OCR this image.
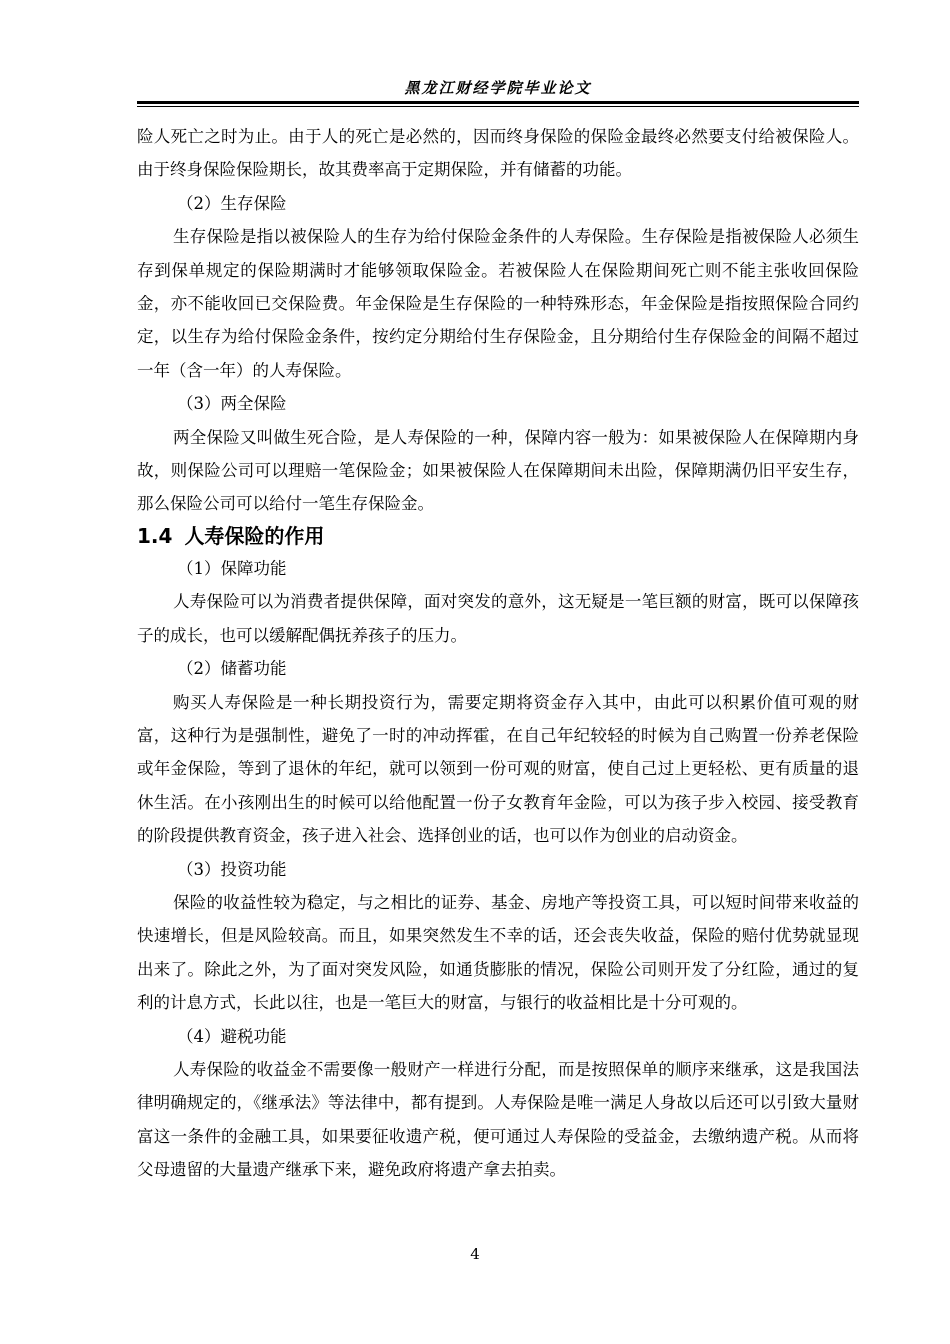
黑龙江财经学院毕业论文

险人死亡之时为止。由于人的死亡是必然的，因而终身保险的保险金最终必然要支付给被保险人。由于终身保险保险期长，故其费率高于定期保险，并有储蓄的功能。

（2）生存保险

生存保险是指以被保险人的生存为给付保险金条件的人寿保险。生存保险是指被保险人必须生存到保单规定的保险期满时才能够领取保险金。若被保险人在保险期间死亡则不能主张收回保险金，亦不能收回已交保险费。年金保险是生存保险的一种特殊形态，年金保险是指按照保险合同约定，以生存为给付保险金条件，按约定分期给付生存保险金，且分期给付生存保险金的间隔不超过一年（含一年）的人寿保险。

（3）两全保险

两全保险又叫做生死合险，是人寿保险的一种，保障内容一般为：如果被保险人在保障期内身故，则保险公司可以理赔一笔保险金；如果被保险人在保障期间未出险，保障期满仍旧平安生存，那么保险公司可以给付一笔生存保险金。

1.4 人寿保险的作用

（1）保障功能

人寿保险可以为消费者提供保障，面对突发的意外，这无疑是一笔巨额的财富，既可以保障孩子的成长，也可以缓解配偶抚养孩子的压力。

（2）储蓄功能

购买人寿保险是一种长期投资行为，需要定期将资金存入其中，由此可以积累价值可观的财富，这种行为是强制性，避免了一时的冲动挥霍，在自己年纪较轻的时候为自己购置一份养老保险或年金保险，等到了退休的年纪，就可以领到一份可观的财富，使自己过上更轻松、更有质量的退休生活。在小孩刚出生的时候可以给他配置一份子女教育年金险，可以为孩子步入校园、接受教育的阶段提供教育资金，孩子进入社会、选择创业的话，也可以作为创业的启动资金。

（3）投资功能

保险的收益性较为稳定，与之相比的证券、基金、房地产等投资工具，可以短时间带来收益的快速增长，但是风险较高。而且，如果突然发生不幸的话，还会丧失收益，保险的赔付优势就显现出来了。除此之外，为了面对突发风险，如通货膨胀的情况，保险公司则开发了分红险，通过的复利的计息方式，长此以往，也是一笔巨大的财富，与银行的收益相比是十分可观的。

（4）避税功能

人寿保险的收益金不需要像一般财产一样进行分配，而是按照保单的顺序来继承，这是我国法律明确规定的，《继承法》等法律中，都有提到。人寿保险是唯一满足人身故以后还可以引致大量财富这一条件的金融工具，如果要征收遗产税，便可通过人寿保险的受益金，去缴纳遗产税。从而将父母遗留的大量遗产继承下来，避免政府将遗产拿去拍卖。

4
